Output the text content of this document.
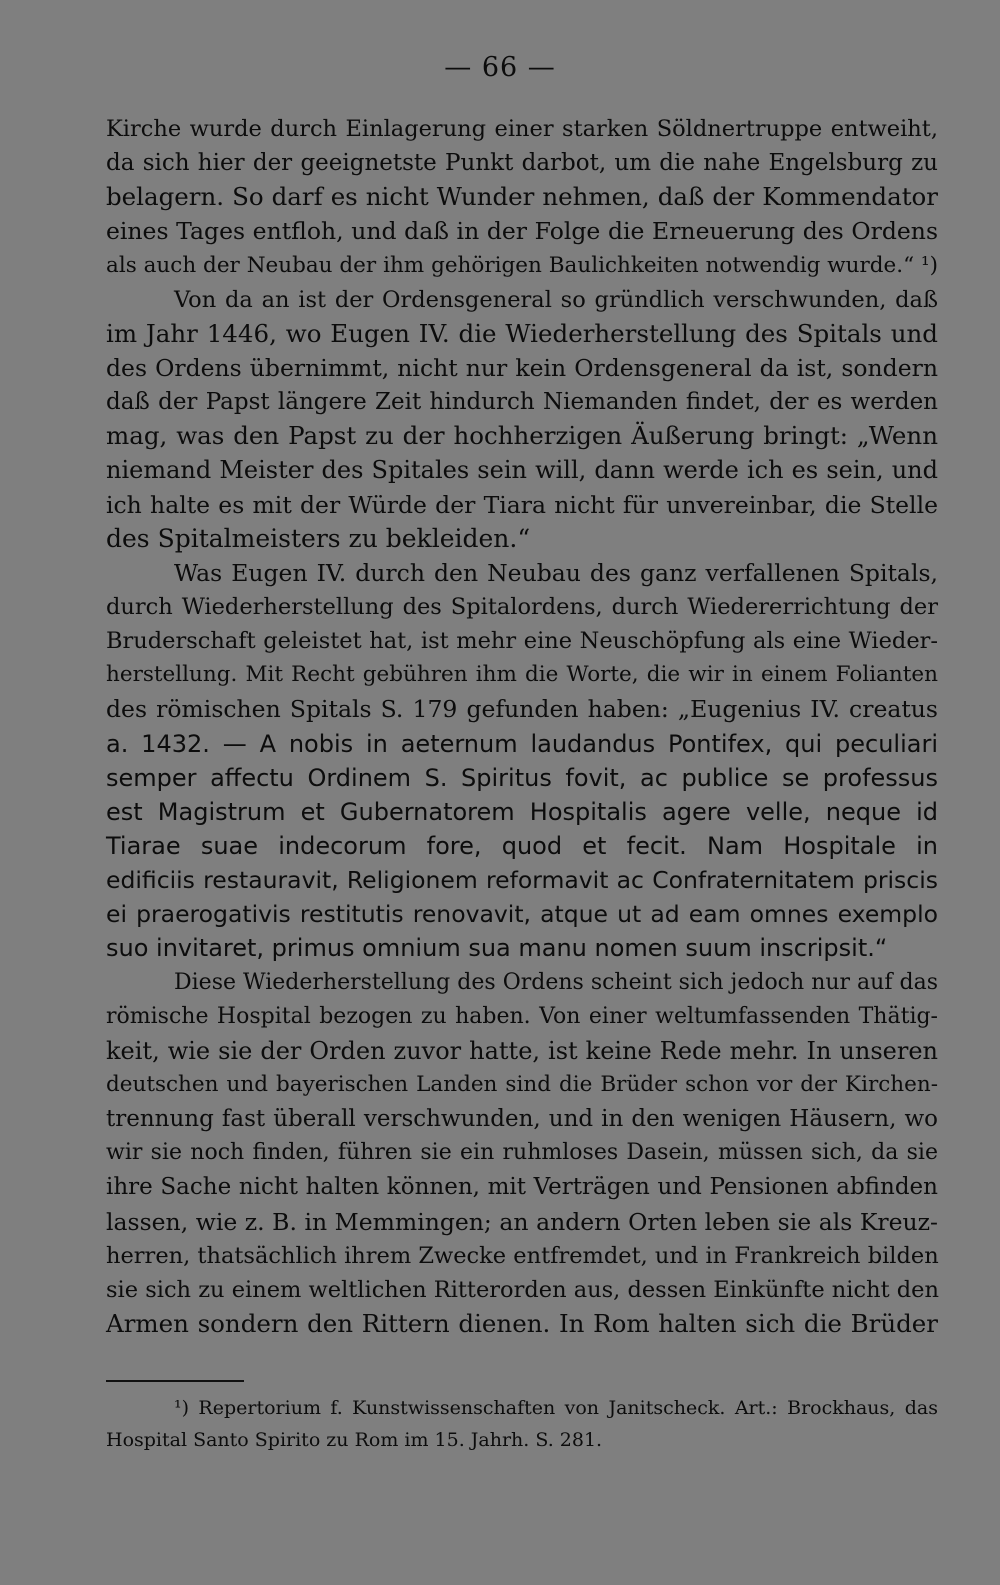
— 66 —
Kirche wurde durch Einlagerung einer starken Söldnertruppe entweiht,
da sich hier der geeignetste Punkt darbot, um die nahe Engelsburg zu
belagern. So darf es nicht Wunder nehmen, daß der Kommendator
eines Tages entfloh, und daß in der Folge die Erneuerung des Ordens
als auch der Neubau der ihm gehörigen Baulichkeiten notwendig wurde.“ ¹)
Von da an ist der Ordensgeneral so gründlich verschwunden, daß
im Jahr 1446, wo Eugen IV. die Wiederherstellung des Spitals und
des Ordens übernimmt, nicht nur kein Ordensgeneral da ist, sondern
daß der Papst längere Zeit hindurch Niemanden findet, der es werden
mag, was den Papst zu der hochherzigen Äußerung bringt: „Wenn
niemand Meister des Spitales sein will, dann werde ich es sein, und
ich halte es mit der Würde der Tiara nicht für unvereinbar, die Stelle
des Spitalmeisters zu bekleiden.“
Was Eugen IV. durch den Neubau des ganz verfallenen Spitals,
durch Wiederherstellung des Spitalordens, durch Wiedererrichtung der
Bruderschaft geleistet hat, ist mehr eine Neuschöpfung als eine Wieder-
herstellung. Mit Recht gebühren ihm die Worte, die wir in einem Folianten
des römischen Spitals S. 179 gefunden haben: „Eugenius IV. creatus
a. 1432. — A nobis in aeternum laudandus Pontifex, qui peculiari
semper affectu Ordinem S. Spiritus fovit, ac publice se professus
est Magistrum et Gubernatorem Hospitalis agere velle, neque id
Tiarae suae indecorum fore, quod et fecit. Nam Hospitale in
edificiis restauravit, Religionem reformavit ac Confraternitatem priscis
ei praerogativis restitutis renovavit, atque ut ad eam omnes exemplo
suo invitaret, primus omnium sua manu nomen suum inscripsit.“
Diese Wiederherstellung des Ordens scheint sich jedoch nur auf das
römische Hospital bezogen zu haben. Von einer weltumfassenden Thätig-
keit, wie sie der Orden zuvor hatte, ist keine Rede mehr. In unseren
deutschen und bayerischen Landen sind die Brüder schon vor der Kirchen-
trennung fast überall verschwunden, und in den wenigen Häusern, wo
wir sie noch finden, führen sie ein ruhmloses Dasein, müssen sich, da sie
ihre Sache nicht halten können, mit Verträgen und Pensionen abfinden
lassen, wie z. B. in Memmingen; an andern Orten leben sie als Kreuz-
herren, thatsächlich ihrem Zwecke entfremdet, und in Frankreich bilden
sie sich zu einem weltlichen Ritterorden aus, dessen Einkünfte nicht den
Armen sondern den Rittern dienen. In Rom halten sich die Brüder
¹) Repertorium f. Kunstwissenschaften von Janitscheck. Art.: Brockhaus, das
Hospital Santo Spirito zu Rom im 15. Jahrh. S. 281.
